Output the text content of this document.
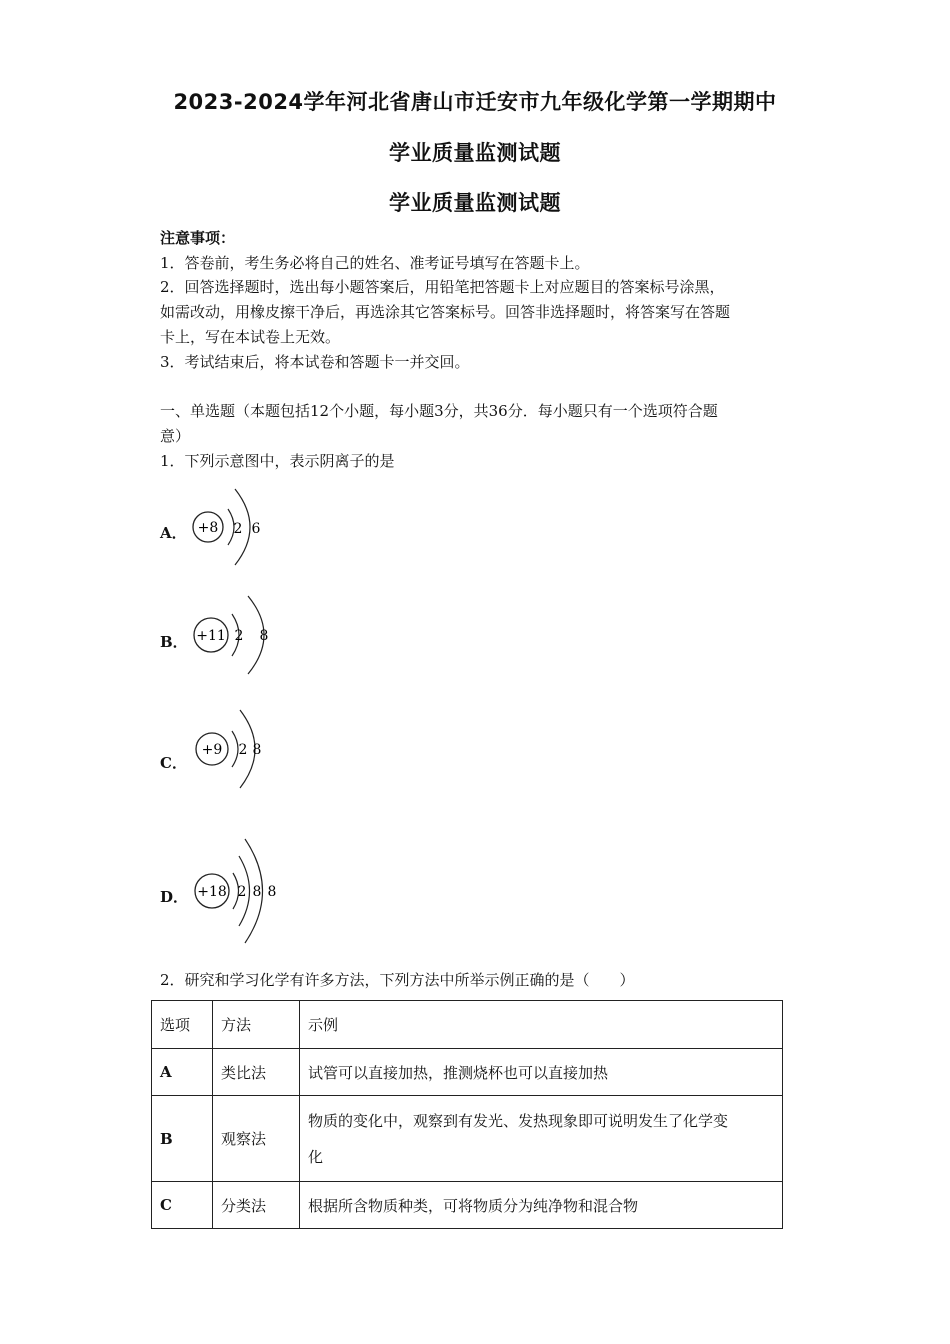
2023-2024学年河北省唐山市迁安市九年级化学第一学期期中
学业质量监测试题
学业质量监测试题
注意事项：
1．答卷前，考生务必将自己的姓名、准考证号填写在答题卡上。
2．回答选择题时，选出每小题答案后，用铅笔把答题卡上对应题目的答案标号涂黑，
如需改动，用橡皮擦干净后，再选涂其它答案标号。回答非选择题时，将答案写在答题
卡上，写在本试卷上无效。
3．考试结束后，将本试卷和答题卡一并交回。
一、单选题（本题包括12个小题，每小题3分，共36分．每小题只有一个选项符合题
意）
1．下列示意图中，表示阴离子的是
A． +8 2 6
B． +11 2 8
C．
+9 2 8
D． +18 2 8 8
2．研究和学习化学有许多方法，下列方法中所举示例正确的是（　　）
选项	方法	示例
A	类比法	试管可以直接加热，推测烧杯也可以直接加热
B	观察法	物质的变化中，观察到有发光、发热现象即可说明发生了化学变
化

C	分类法	根据所含物质种类，可将物质分为纯净物和混合物
